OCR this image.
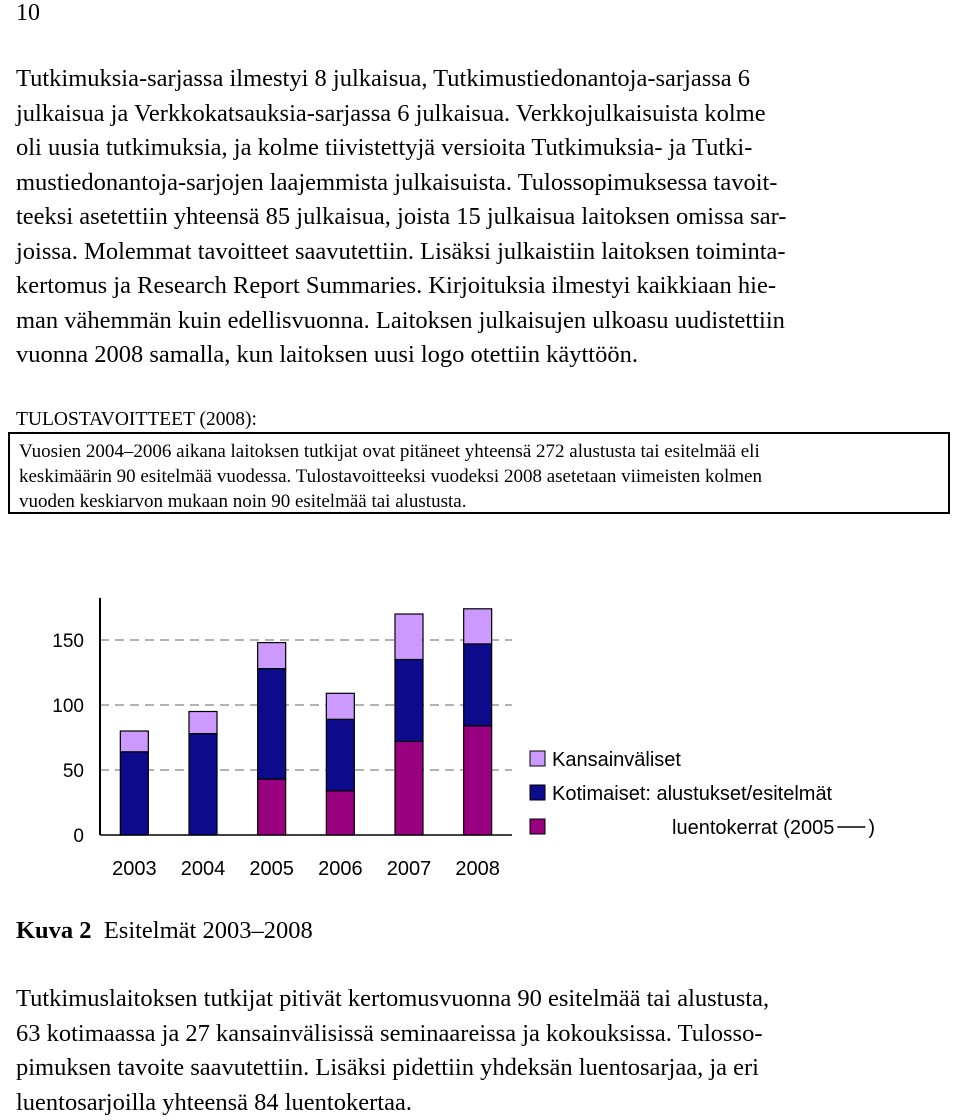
10
Tutkimuksia-sarjassa ilmestyi 8 julkaisua, Tutkimustiedonantoja-sarjassa 6
julkaisua ja Verkkokatsauksia-sarjassa 6 julkaisua. Verkkojulkaisuista kolme
oli uusia tutkimuksia, ja kolme tiivistettyjä versioita Tutkimuksia- ja Tutki-
mustiedonantoja-sarjojen laajemmista julkaisuista. Tulossopimuksessa tavoit-
teeksi asetettiin yhteensä 85 julkaisua, joista 15 julkaisua laitoksen omissa sar-
joissa. Molemmat tavoitteet saavutettiin. Lisäksi julkaistiin laitoksen toiminta-
kertomus ja Research Report Summaries. Kirjoituksia ilmestyi kaikkiaan hie-
man vähemmän kuin edellisvuonna. Laitoksen julkaisujen ulkoasu uudistettiin
vuonna 2008 samalla, kun laitoksen uusi logo otettiin käyttöön.
TULOSTAVOITTEET (2008):
Vuosien 2004–2006 aikana laitoksen tutkijat ovat pitäneet yhteensä 272 alustusta tai esitelmää eli
keskimäärin 90 esitelmää vuodessa. Tulostavoitteeksi vuodeksi 2008 asetetaan viimeisten kolmen
vuoden keskiarvon mukaan noin 90 esitelmää tai alustusta.
0
50
100
150
2003 2004 2005 2006 2007 2008
Kansainväliset
Kotimaiset: alustukset/esitelmät
luentokerrat (2005 )
Kuva 2 Esitelmät 2003–2008
Tutkimuslaitoksen tutkijat pitivät kertomusvuonna 90 esitelmää tai alustusta,
63 kotimaassa ja 27 kansainvälisissä seminaareissa ja kokouksissa. Tulosso-
pimuksen tavoite saavutettiin. Lisäksi pidettiin yhdeksän luentosarjaa, ja eri
luentosarjoilla yhteensä 84 luentokertaa.
